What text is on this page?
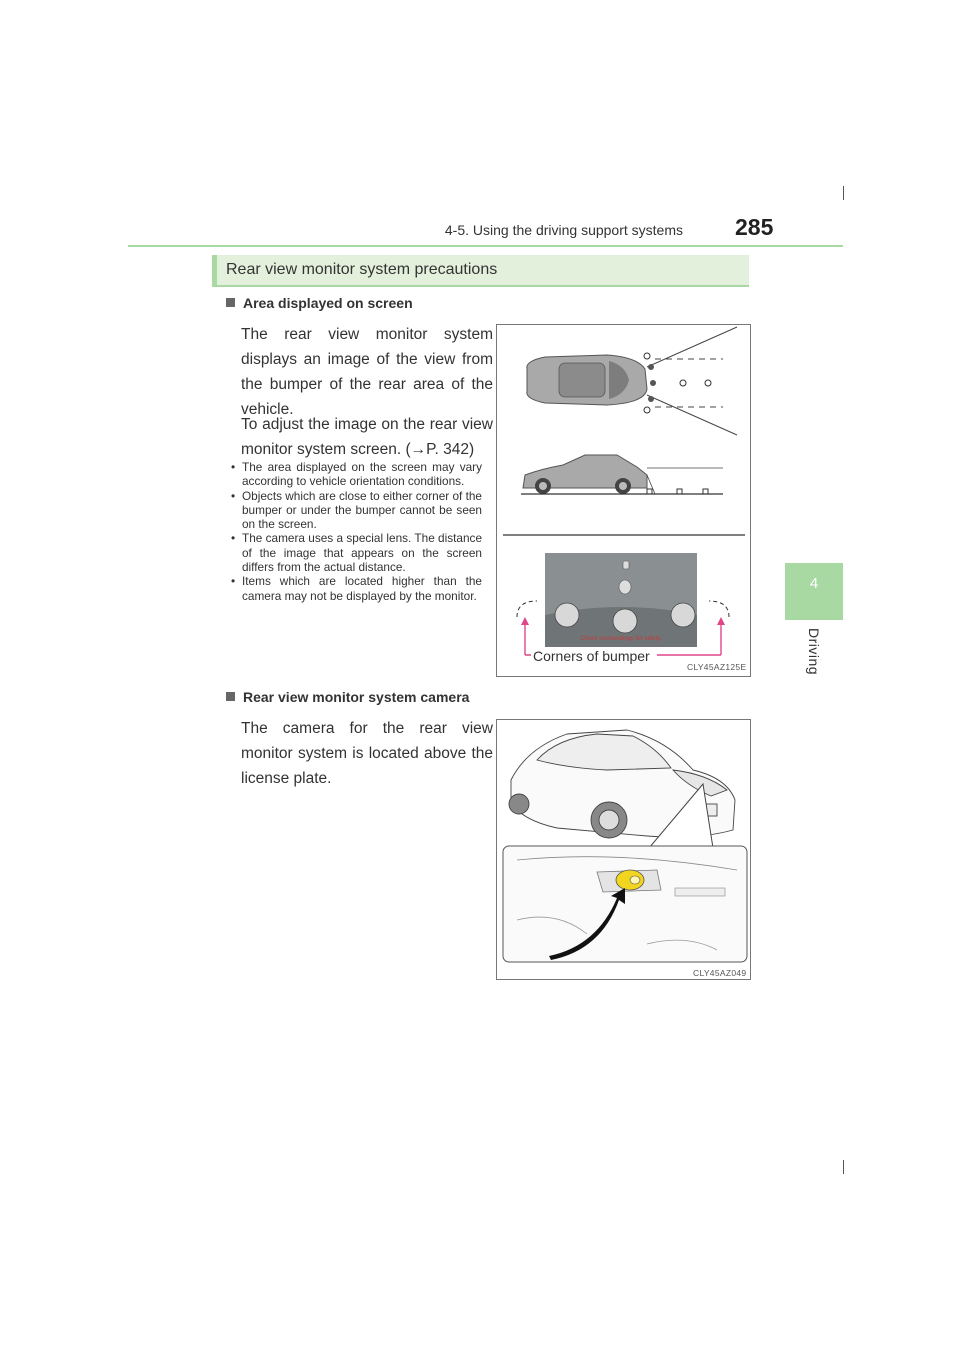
4-5. Using the driving support systems 285
4
Driving
Rear view monitor system precautions
Area displayed on screen
The rear view monitor system displays an image of the view from the bumper of the rear area of the vehicle.
To adjust the image on the rear view monitor system screen. (→P. 342)
• The area displayed on the screen may vary according to vehicle orientation conditions.
• Objects which are close to either corner of the bumper or under the bumper cannot be seen on the screen.
• The camera uses a special lens. The distance of the image that appears on the screen differs from the actual distance.
• Items which are located higher than the camera may not be displayed by the monitor.
Check surroundings for safety.
Corners of bumper
CLY45AZ125E
Rear view monitor system camera
The camera for the rear view monitor system is located above the license plate.
CLY45AZ049
